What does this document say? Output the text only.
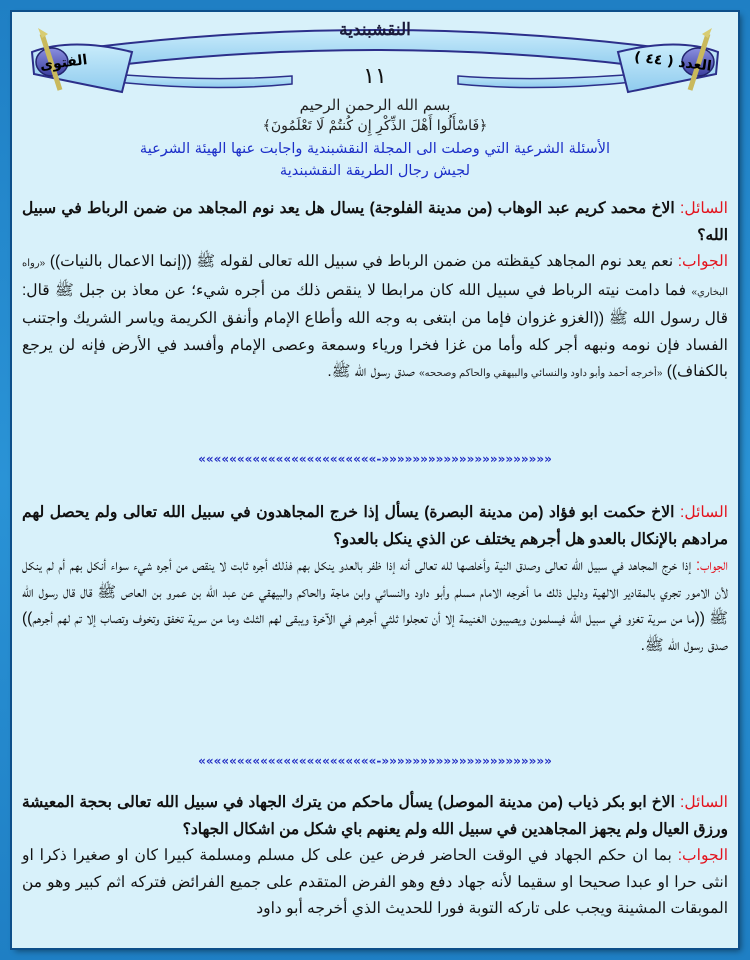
النقشبندية
العدد ( ٤٤ )
الفتوى
١١
بسم الله الرحمن الرحيم
﴿فَاسْأَلُوا أَهْلَ الذِّكْرِ إِن كُنتُمْ لَا تَعْلَمُونَ﴾
الأسئلة الشرعية التي وصلت الى المجلة النقشبندية واجابت عنها الهيئة الشرعية
لجيش رجال الطريقة النقشبندية
السائل: الاخ محمد كريم عبد الوهاب (من مدينة الفلوجة) يسال هل يعد نوم المجاهد من ضمن الرباط في سبيل الله؟
الجواب: نعم يعد نوم المجاهد كيقظته من ضمن الرباط في سبيل الله تعالى لقوله ﷺ ((إنما الاعمال بالنيات)) «رواه البخاري» فما دامت نيته الرباط في سبيل الله كان مرابطا لا ينقص ذلك من أجره شيء؛ عن معاذ بن جبل ﷺ قال: قال رسول الله ﷺ ((الغزو غزوان فإما من ابتغى به وجه الله وأطاع الإمام وأنفق الكريمة وياسر الشريك واجتنب الفساد فإن نومه ونبهه أجر كله وأما من غزا فخرا ورياء وسمعة وعصى الإمام وأفسد في الأرض فإنه لن يرجع بالكفاف)) «أخرجه أحمد وأبو داود والنسائي والبيهقي والحاكم وصححه» صدق رسول الله ﷺ.
«««««««««««««««««««««««-»»»»»»»»»»»»»»»»»»»»»»
السائل: الاخ حكمت ابو فؤاد (من مدينة البصرة) يسأل إذا خرج المجاهدون في سبيل الله تعالى ولم يحصل لهم مرادهم بالإنكال بالعدو هل أجرهم يختلف عن الذي ينكل بالعدو؟
الجواب: إذا خرج المجاهد في سبيل الله تعالى وصدق النية وأخلصها لله تعالى أنه إذا ظفر بالعدو ينكل بهم فذلك أجره ثابت لا ينقص من أجره شيء سواء أنكل بهم أم لم ينكل لأن الامور تجري بالمقادير الالهية ودليل ذلك ما أخرجه الامام مسلم وأبو داود والنسائي وابن ماجة والحاكم والبيهقي عن عبد الله بن عمرو بن العاص ﷺ قال قال رسول الله ﷺ ((ما من سرية تغزو في سبيل الله فيسلمون ويصيبون الغنيمة إلا أن تعجلوا ثلثي أجرهم في الآخرة ويبقى لهم الثلث وما من سرية تخفق وتخوف وتصاب إلا تم لهم أجرهم)) صدق رسول الله ﷺ.
«««««««««««««««««««««««-»»»»»»»»»»»»»»»»»»»»»»
السائل: الاخ ابو بكر ذياب (من مدينة الموصل) يسأل ماحكم من يترك الجهاد في سبيل الله تعالى بحجة المعيشة ورزق العيال ولم يجهز المجاهدين في سبيل الله ولم يعنهم باي شكل من اشكال الجهاد؟
الجواب: بما ان حكم الجهاد في الوقت الحاضر فرض عين على كل مسلم ومسلمة كبيرا كان او صغيرا ذكرا او انثى حرا او عبدا صحيحا او سقيما لأنه جهاد دفع وهو الفرض المتقدم على جميع الفرائض فتركه اثم كبير وهو من الموبقات المشينة ويجب على تاركه التوبة فورا للحديث الذي أخرجه أبو داود
